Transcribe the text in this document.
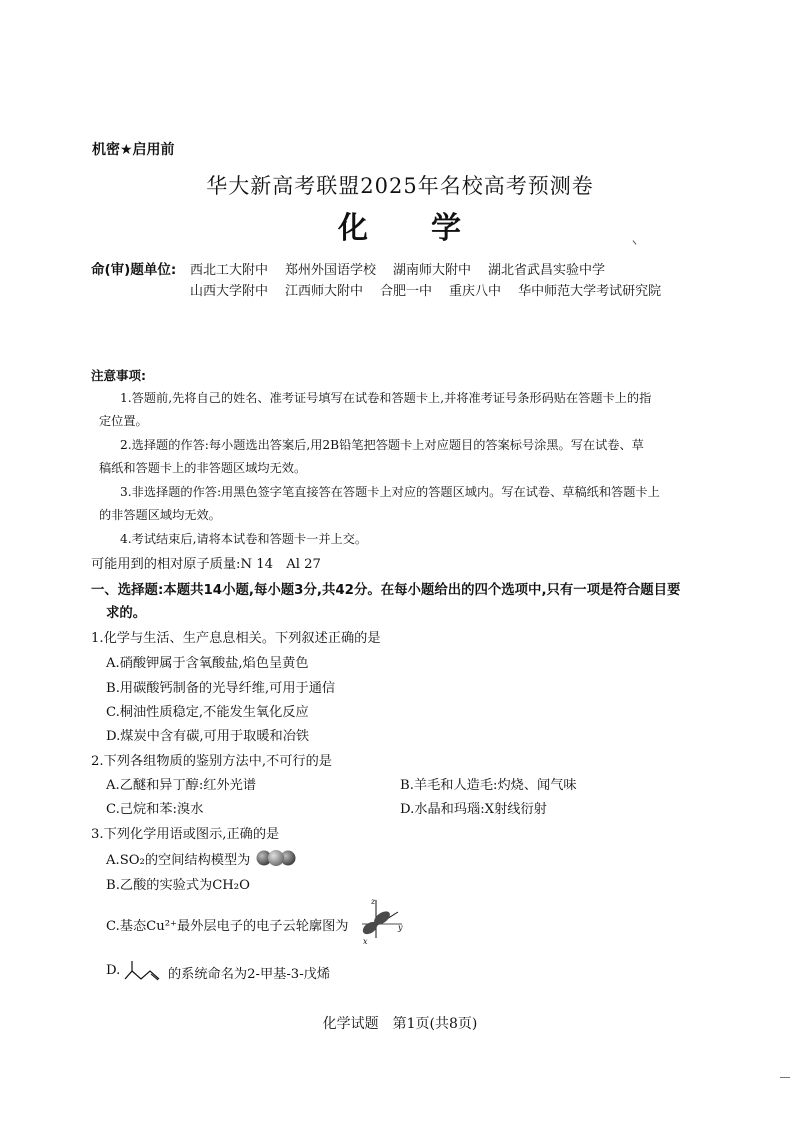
机密★启用前
华大新高考联盟2025年名校高考预测卷
化 学
命(审)题单位: 西北工大附中 郑州外国语学校 湖南师大附中 湖北省武昌实验中学
山西大学附中 江西师大附中 合肥一中 重庆八中 华中师范大学考试研究院
注意事项:
1.答题前,先将自己的姓名、准考证号填写在试卷和答题卡上,并将准考证号条形码贴在答题卡上的指
定位置。
2.选择题的作答:每小题选出答案后,用2B铅笔把答题卡上对应题目的答案标号涂黑。写在试卷、草
稿纸和答题卡上的非答题区域均无效。
3.非选择题的作答:用黑色签字笔直接答在答题卡上对应的答题区域内。写在试卷、草稿纸和答题卡上
的非答题区域均无效。
4.考试结束后,请将本试卷和答题卡一并上交。
可能用到的相对原子质量:N 14　Al 27
一、选择题:本题共14小题,每小题3分,共42分。在每小题给出的四个选项中,只有一项是符合题目要
求的。
1.化学与生活、生产息息相关。下列叙述正确的是
A.硝酸钾属于含氧酸盐,焰色呈黄色
B.用碳酸钙制备的光导纤维,可用于通信
C.桐油性质稳定,不能发生氧化反应
D.煤炭中含有碳,可用于取暖和冶铁
2.下列各组物质的鉴别方法中,不可行的是
A.乙醚和异丁醇:红外光谱	B.羊毛和人造毛:灼烧、闻气味
C.己烷和苯:溴水	D.水晶和玛瑙:X射线衍射
3.下列化学用语或图示,正确的是
A.SO₂的空间结构模型为
B.乙酸的实验式为CH₂O
C.基态Cu²⁺最外层电子的电子云轮廓图为
z
y
x
D.	的系统命名为2-甲基-3-戊烯
化学试题　第1页(共8页)
